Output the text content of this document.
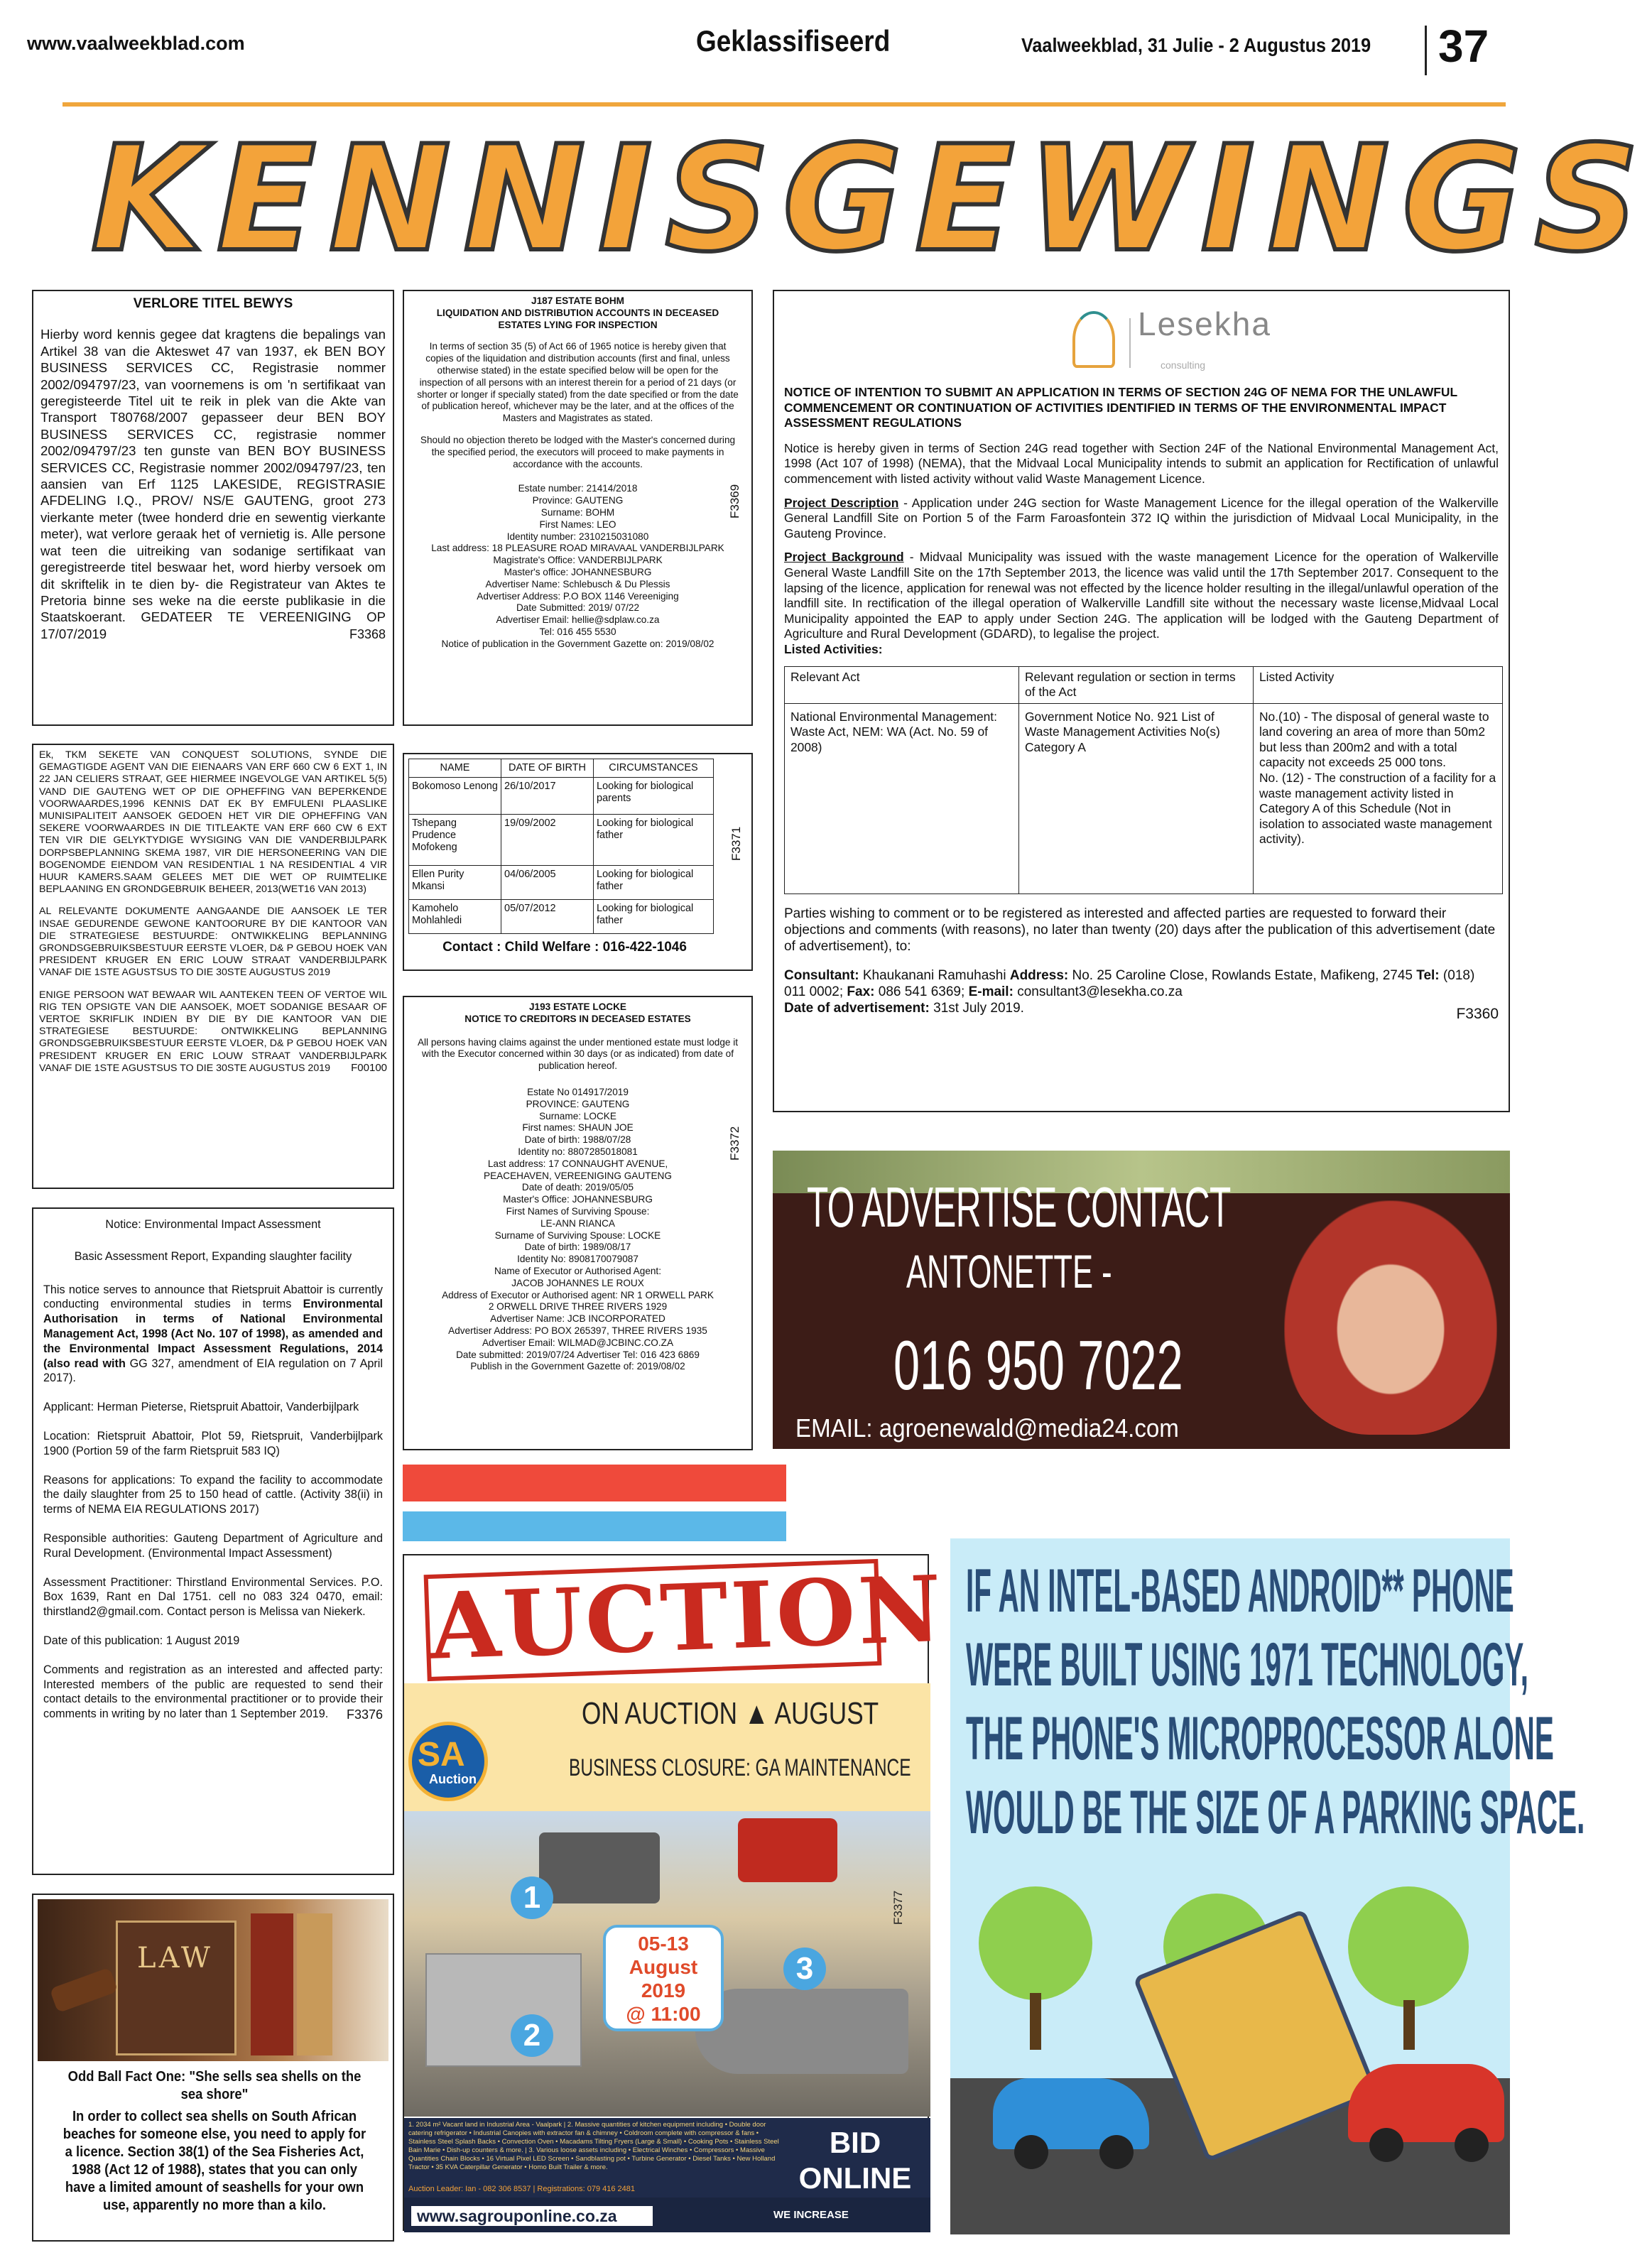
www.vaalweekblad.com	Geklassifiseerd	Vaalweekblad, 31 Julie - 2 Augustus 2019 37
KENNISGEWINGS
VERLORE TITEL BEWYS
Hierby word kennis gegee dat kragtens die bepalings van Artikel 38 van die Akteswet 47 van 1937, ek BEN BOY BUSINESS SERVICES CC, Registrasie nommer 2002/094797/23, van voornemens is om 'n sertifikaat van geregisteerde Titel uit te reik in plek van die Akte van Transport T80768/2007 gepasseer deur BEN BOY BUSINESS SERVICES CC, registrasie nommer 2002/094797/23 ten gunste van BEN BOY BUSINESS SERVICES CC, Registrasie nommer 2002/094797/23, ten aansien van Erf 1125 LAKESIDE, REGISTRASIE AFDELING I.Q., PROV/ NS/E GAUTENG, groot 273 vierkante meter (twee honderd drie en sewentig vierkante meter), wat verlore geraak het of vernietig is. Alle persone wat teen die uitreiking van sodanige sertifikaat van geregistreerde titel beswaar het, word hierby versoek om dit skriftelik in te dien by- die Registrateur van Aktes te Pretoria binne ses weke na die eerste publikasie in die Staatskoerant. GEDATEER TE VEREENIGING OP 17/07/2019	F3368
Ek, TKM SEKETE VAN CONQUEST SOLUTIONS, SYNDE DIE GEMAGTIGDE AGENT VAN DIE EIENAARS VAN ERF 660 CW 6 EXT 1, IN 22 JAN CELIERS STRAAT, GEE HIERMEE INGEVOLGE VAN ARTIKEL 5(5) VAND DIE GAUTENG WET OP DIE OPHEFFING VAN BEPERKENDE VOORWAARDES,1996 KENNIS DAT EK BY EMFULENI PLAASLIKE MUNISIPALITEIT AANSOEK GEDOEN HET VIR DIE OPHEFFING VAN SEKERE VOORWAARDES IN DIE TITLEAKTE VAN ERF 660 CW 6 EXT TEN VIR DIE GELYKTYDIGE WYSIGING VAN DIE VANDERBIJLPARK DORPSBEPLANNING SKEMA 1987, VIR DIE HERSONEERING VAN DIE BOGENOMDE EIENDOM VAN RESIDENTIAL 1 NA RESIDENTIAL 4 VIR HUUR KAMERS.SAAM GELEES MET DIE WET OP RUIMTELIKE BEPLAANING EN GRONDGEBRUIK BEHEER, 2013(WET16 VAN 2013)
AL RELEVANTE DOKUMENTE AANGAANDE DIE AANSOEK LE TER INSAE GEDURENDE GEWONE KANTOORURE BY DIE KANTOOR VAN DIE STRATEGIESE BESTUURDE: ONTWIKKELING BEPLANNING GRONDSGEBRUIKSBESTUUR EERSTE VLOER, D& P GEBOU HOEK VAN PRESIDENT KRUGER EN ERIC LOUW STRAAT VANDERBIJLPARK VANAF DIE 1STE AGUSTSUS TO DIE 30STE AUGUSTUS 2019
ENIGE PERSOON WAT BEWAAR WIL AANTEKEN TEEN OF VERTOE WIL RIG TEN OPSIGTE VAN DIE AANSOEK, MOET SODANIGE BESAAR OF VERTOE SKRIFLIK INDIEN BY DIE BY DIE KANTOOR VAN DIE STRATEGIESE BESTUURDE: ONTWIKKELING BEPLANNING GRONDSGEBRUIKSBESTUUR EERSTE VLOER, D& P GEBOU HOEK VAN PRESIDENT KRUGER EN ERIC LOUW STRAAT VANDERBIJLPARK VANAF DIE 1STE AGUSTSUS TO DIE 30STE AUGUSTUS 2019	F00100
Notice: Environmental Impact Assessment
Basic Assessment Report, Expanding slaughter facility
This notice serves to announce that Rietspruit Abattoir is currently conducting environmental studies in terms Environmental Authorisation in terms of National Environmental Management Act, 1998 (Act No. 107 of 1998), as amended and the Environmental Impact Assessment Regulations, 2014 (also read with GG 327, amendment of EIA regulation on 7 April 2017).
Applicant: Herman Pieterse, Rietspruit Abattoir, Vanderbijlpark
Location: Rietspruit Abattoir, Plot 59, Rietspruit, Vanderbijlpark 1900 (Portion 59 of the farm Rietspruit 583 IQ)
Reasons for applications: To expand the facility to accommodate the daily slaughter from 25 to 150 head of cattle. (Activity 38(ii) in terms of NEMA EIA REGULATIONS 2017)
Responsible authorities: Gauteng Department of Agriculture and Rural Development. (Environmental Impact Assessment)
Assessment Practitioner: Thirstland Environmental Services. P.O. Box 1639, Rant en Dal 1751. cell no 083 324 0470, email: thirstland2@gmail.com. Contact person is Melissa van Niekerk.
Date of this publication: 1 August 2019
Comments and registration as an interested and affected party: Interested members of the public are requested to send their contact details to the environmental practitioner or to provide their comments in writing by no later than 1 September 2019.	F3376
LAW
Odd Ball Fact One: "She sells sea shells on the sea shore"
In order to collect sea shells on South African beaches for someone else, you need to apply for a licence. Section 38(1) of the Sea Fisheries Act, 1988 (Act 12 of 1988), states that you can only have a limited amount of seashells for your own use, apparently no more than a kilo.
J187 ESTATE BOHM
LIQUIDATION AND DISTRIBUTION ACCOUNTS IN DECEASED ESTATES LYING FOR INSPECTION
In terms of section 35 (5) of Act 66 of 1965 notice is hereby given that copies of the liquidation and distribution accounts (first and final, unless otherwise stated) in the estate specified below will be open for the inspection of all persons with an interest therein for a period of 21 days (or shorter or longer if specially stated) from the date specified or from the date of publication hereof, whichever may be the later, and at the offices of the Masters and Magistrates as stated.
Should no objection thereto be lodged with the Master's concerned during the specified period, the executors will proceed to make payments in accordance with the accounts.
Estate number: 21414/2018
Province: GAUTENG
Surname: BOHM
First Names: LEO
Identity number: 2310215031080
Last address: 18 PLEASURE ROAD MIRAVAAL VANDERBIJLPARK
Magistrate's Office: VANDERBIJLPARK
Master's office: JOHANNESBURG
Advertiser Name: Schlebusch & Du Plessis
Advertiser Address: P.O BOX 1146 Vereeniging
Date Submitted: 2019/ 07/22
Advertiser Email: hellie@sdplaw.co.za
Tel: 016 455 5530
Notice of publication in the Government Gazette on: 2019/08/02
F3369
NAME	DATE OF BIRTH	CIRCUMSTANCES
Bokomoso Lenong	26/10/2017	Looking for biological parents
Tshepang Prudence Mofokeng	19/09/2002	Looking for biological father
Ellen Purity Mkansi	04/06/2005	Looking for biological father
Kamohelo Mohlahledi	05/07/2012	Looking for biological father
Contact : Child Welfare : 016-422-1046
F3371
J193 ESTATE LOCKE
NOTICE TO CREDITORS IN DECEASED ESTATES
All persons having claims against the under mentioned estate must lodge it with the Executor concerned within 30 days (or as indicated) from date of publication hereof.
Estate No 014917/2019
PROVINCE: GAUTENG
Surname: LOCKE
First names: SHAUN JOE
Date of birth: 1988/07/28
Identity no: 8807285018081
Last address: 17 CONNAUGHT AVENUE,
PEACEHAVEN, VEREENIGING GAUTENG
Date of death: 2019/05/05
Master's Office: JOHANNESBURG
First Names of Surviving Spouse:
LE-ANN RIANCA
Surname of Surviving Spouse: LOCKE
Date of birth: 1989/08/17
Identity No: 8908170079087
Name of Executor or Authorised Agent:
JACOB JOHANNES LE ROUX
Address of Executor or Authorised agent: NR 1 ORWELL PARK
2 ORWELL DRIVE THREE RIVERS 1929
Advertiser Name: JCB INCORPORATED
Advertiser Address: PO BOX 265397, THREE RIVERS 1935
Advertiser Email: WILMAD@JCBINC.CO.ZA
Date submitted: 2019/07/24 Advertiser Tel: 016 423 6869
Publish in the Government Gazette of: 2019/08/02
F3372
Lesekha
consulting
NOTICE OF INTENTION TO SUBMIT AN APPLICATION IN TERMS OF SECTION 24G OF NEMA FOR THE UNLAWFUL COMMENCEMENT OR CONTINUATION OF ACTIVITIES IDENTIFIED IN TERMS OF THE ENVIRONMENTAL IMPACT ASSESSMENT REGULATIONS
Notice is hereby given in terms of Section 24G read together with Section 24F of the National Environmental Management Act, 1998 (Act 107 of 1998) (NEMA), that the Midvaal Local Municipality intends to submit an application for Rectification of unlawful commencement with listed activity without valid Waste Management Licence.
Project Description - Application under 24G section for Waste Management Licence for the illegal operation of the Walkerville General Landfill Site on Portion 5 of the Farm Faroasfontein 372 IQ within the jurisdiction of Midvaal Local Municipality, in the Gauteng Province.
Project Background - Midvaal Municipality was issued with the waste management Licence for the operation of Walkerville General Waste Landfill Site on the 17th September 2013, the licence was valid until the 17th September 2017. Consequent to the lapsing of the licence, application for renewal was not effected by the licence holder resulting in the illegal/unlawful operation of the landfill site. In rectification of the illegal operation of Walkerville Landfill site without the necessary waste license,Midvaal Local Municipality appointed the EAP to apply under Section 24G. The application will be lodged with the Gauteng Department of Agriculture and Rural Development (GDARD), to legalise the project.
Listed Activities:
Relevant Act	Relevant regulation or section in terms of the Act	Listed Activity
National Environmental Management: Waste Act, NEM: WA (Act. No. 59 of 2008)	Government Notice No. 921 List of Waste Management Activities No(s) Category A	No.(10) - The disposal of general waste to land covering an area of more than 50m2 but less than 200m2 and with a total capacity not exceeds 25 000 tons.
No. (12) - The construction of a facility for a waste management activity listed in Category A of this Schedule (Not in isolation to associated waste management activity).
Parties wishing to comment or to be registered as interested and affected parties are requested to forward their objections and comments (with reasons), no later than twenty (20) days after the publication of this advertisement (date of advertisement), to:
Consultant: Khaukanani Ramuhashi Address: No. 25 Caroline Close, Rowlands Estate, Mafikeng, 2745 Tel: (018) 011 0002; Fax: 086 541 6369; E-mail: consultant3@lesekha.co.za
Date of advertisement: 31st July 2019.	F3360
TO ADVERTISE CONTACT
ANTONETTE -
016 950 7022
EMAIL: agroenewald@media24.com
AUCTION
ON AUCTION ▲ AUGUST
SA
Auction	BUSINESS CLOSURE: GA MAINTENANCE
05-13
August
2019
@ 11:00
1
2
3
1. 2034 m² Vacant land in Industrial Area - Vaalpark | 2. Massive quantities of kitchen equipment including • Double door catering refrigerator • Industrial Canopies with extractor fan & chimney • Coldroom complete with compressor & fans • Stainless Steel Splash Backs • Convection Oven • Macadams Tilting Fryers (Large & Small) • Cooking Pots • Stainless Steel Bain Marie • Dish-up counters & more. | 3. Various loose assets including • Electrical Winches • Compressors • Massive Quantities Chain Blocks • 16 Virtual Pixel LED Screen • Sandblasting pot • Turbine Generator • Diesel Tanks • New Holland Tractor • 35 KVA Caterpillar Generator • Homo Built Trailer & more.
Auction Leader: Ian - 082 306 8537 | Registrations: 079 416 2481
BID ONLINE
www.sagrouponline.co.za	WE INCREASE
F3377
IF AN INTEL-BASED ANDROID** PHONE
WERE BUILT USING 1971 TECHNOLOGY,
THE PHONE'S MICROPROCESSOR ALONE
WOULD BE THE SIZE OF A PARKING SPACE.
